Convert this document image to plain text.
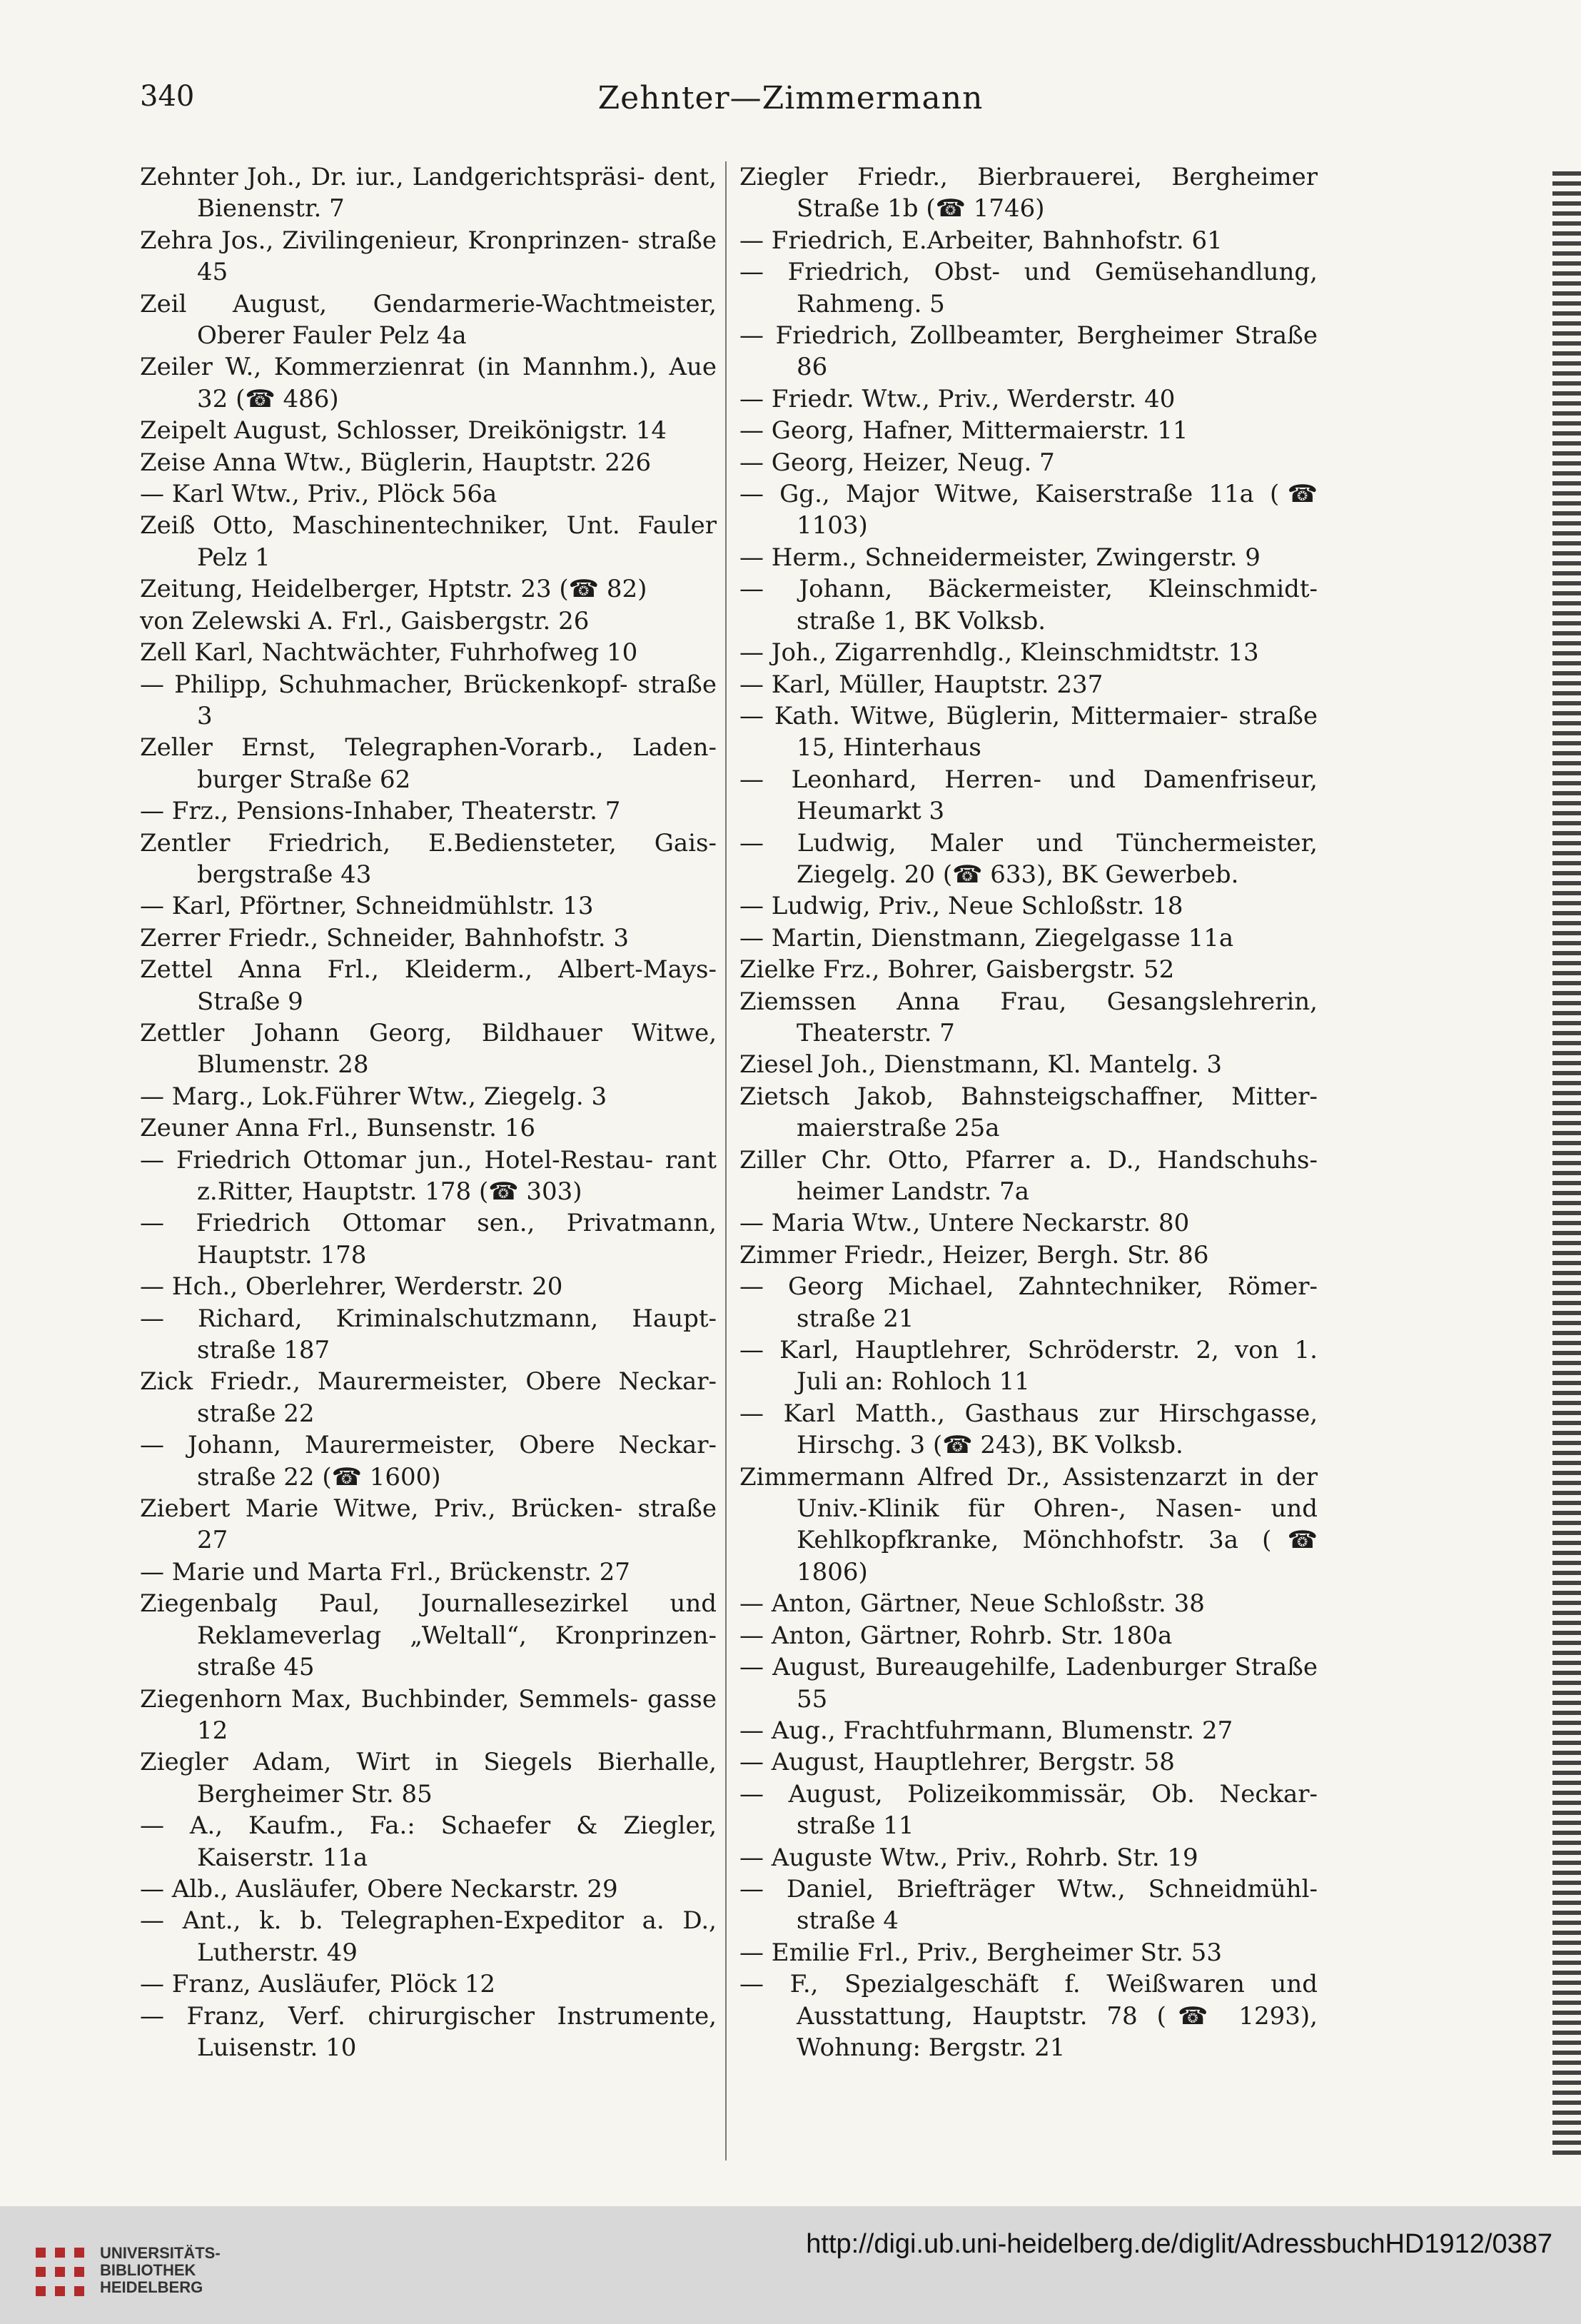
340	Zehnter—Zimmermann
Zehnter Joh., Dr. iur., Landgerichtspräsi- dent, Bienenstr. 7
Zehra Jos., Zivilingenieur, Kronprinzen- straße 45
Zeil August, Gendarmerie-Wachtmeister, Oberer Fauler Pelz 4a
Zeiler W., Kommerzienrat (in Mannhm.), Aue 32 (☎ 486)
Zeipelt August, Schlosser, Dreikönigstr. 14
Zeise Anna Wtw., Büglerin, Hauptstr. 226
— Karl Wtw., Priv., Plöck 56a
Zeiß Otto, Maschinentechniker, Unt. Fauler Pelz 1
Zeitung, Heidelberger, Hptstr. 23 (☎ 82)
von Zelewski A. Frl., Gaisbergstr. 26
Zell Karl, Nachtwächter, Fuhrhofweg 10
— Philipp, Schuhmacher, Brückenkopf- straße 3
Zeller Ernst, Telegraphen-Vorarb., Laden- burger Straße 62
— Frz., Pensions-Inhaber, Theaterstr. 7
Zentler Friedrich, E.Bediensteter, Gais- bergstraße 43
— Karl, Pförtner, Schneidmühlstr. 13
Zerrer Friedr., Schneider, Bahnhofstr. 3
Zettel Anna Frl., Kleiderm., Albert-Mays- Straße 9
Zettler Johann Georg, Bildhauer Witwe, Blumenstr. 28
— Marg., Lok.Führer Wtw., Ziegelg. 3
Zeuner Anna Frl., Bunsenstr. 16
— Friedrich Ottomar jun., Hotel-Restau- rant z.Ritter, Hauptstr. 178 (☎ 303)
— Friedrich Ottomar sen., Privatmann, Hauptstr. 178
— Hch., Oberlehrer, Werderstr. 20
— Richard, Kriminalschutzmann, Haupt- straße 187
Zick Friedr., Maurermeister, Obere Neckar- straße 22
— Johann, Maurermeister, Obere Neckar- straße 22 (☎ 1600)
Ziebert Marie Witwe, Priv., Brücken- straße 27
— Marie und Marta Frl., Brückenstr. 27
Ziegenbalg Paul, Journallesezirkel und Reklameverlag „Weltall“, Kronprinzen- straße 45
Ziegenhorn Max, Buchbinder, Semmels- gasse 12
Ziegler Adam, Wirt in Siegels Bierhalle, Bergheimer Str. 85
— A., Kaufm., Fa.: Schaefer & Ziegler, Kaiserstr. 11a
— Alb., Ausläufer, Obere Neckarstr. 29
— Ant., k. b. Telegraphen-Expeditor a. D., Lutherstr. 49
— Franz, Ausläufer, Plöck 12
— Franz, Verf. chirurgischer Instrumente, Luisenstr. 10
Ziegler Friedr., Bierbrauerei, Bergheimer Straße 1b (☎ 1746)
— Friedrich, E.Arbeiter, Bahnhofstr. 61
— Friedrich, Obst- und Gemüsehandlung, Rahmeng. 5
— Friedrich, Zollbeamter, Bergheimer Straße 86
— Friedr. Wtw., Priv., Werderstr. 40
— Georg, Hafner, Mittermaierstr. 11
— Georg, Heizer, Neug. 7
— Gg., Major Witwe, Kaiserstraße 11a (☎ 1103)
— Herm., Schneidermeister, Zwingerstr. 9
— Johann, Bäckermeister, Kleinschmidt- straße 1, BK Volksb.
— Joh., Zigarrenhdlg., Kleinschmidtstr. 13
— Karl, Müller, Hauptstr. 237
— Kath. Witwe, Büglerin, Mittermaier- straße 15, Hinterhaus
— Leonhard, Herren- und Damenfriseur, Heumarkt 3
— Ludwig, Maler und Tünchermeister, Ziegelg. 20 (☎ 633), BK Gewerbeb.
— Ludwig, Priv., Neue Schloßstr. 18
— Martin, Dienstmann, Ziegelgasse 11a
Zielke Frz., Bohrer, Gaisbergstr. 52
Ziemssen Anna Frau, Gesangslehrerin, Theaterstr. 7
Ziesel Joh., Dienstmann, Kl. Mantelg. 3
Zietsch Jakob, Bahnsteigschaffner, Mitter- maierstraße 25a
Ziller Chr. Otto, Pfarrer a. D., Handschuhs- heimer Landstr. 7a
— Maria Wtw., Untere Neckarstr. 80
Zimmer Friedr., Heizer, Bergh. Str. 86
— Georg Michael, Zahntechniker, Römer- straße 21
— Karl, Hauptlehrer, Schröderstr. 2, von 1. Juli an: Rohloch 11
— Karl Matth., Gasthaus zur Hirschgasse, Hirschg. 3 (☎ 243), BK Volksb.
Zimmermann Alfred Dr., Assistenzarzt in der Univ.-Klinik für Ohren-, Nasen- und Kehlkopfkranke, Mönchhofstr. 3a (☎ 1806)
— Anton, Gärtner, Neue Schloßstr. 38
— Anton, Gärtner, Rohrb. Str. 180a
— August, Bureaugehilfe, Ladenburger Straße 55
— Aug., Frachtfuhrmann, Blumenstr. 27
— August, Hauptlehrer, Bergstr. 58
— August, Polizeikommissär, Ob. Neckar- straße 11
— Auguste Wtw., Priv., Rohrb. Str. 19
— Daniel, Briefträger Wtw., Schneidmühl- straße 4
— Emilie Frl., Priv., Bergheimer Str. 53
— F., Spezialgeschäft f. Weißwaren und Ausstattung, Hauptstr. 78 (☎ 1293), Wohnung: Bergstr. 21
UNIVERSITÄTS-
BIBLIOTHEK
HEIDELBERG
http://digi.ub.uni-heidelberg.de/diglit/AdressbuchHD1912/0387
